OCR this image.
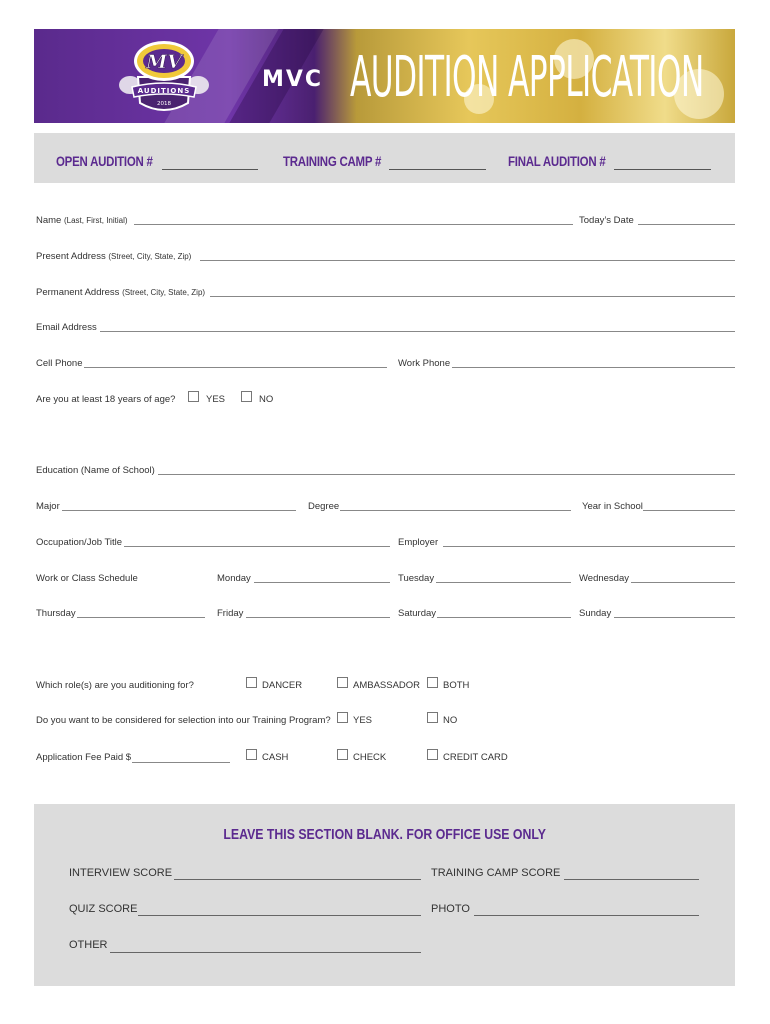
MV
AUDITIONS
2018
MVC AUDITION APPLICATION
OPEN AUDITION #	TRAINING CAMP #	FINAL AUDITION #
Name (Last, First, Initial)	Today’s Date
Present Address (Street, City, State, Zip)
Permanent Address (Street, City, State, Zip)
Email Address
Cell Phone	Work Phone
Are you at least 18 years of age?	YES	NO
Education (Name of School)
Major	Degree	Year in School
Occupation/Job Title	Employer
Work or Class Schedule	Monday	Tuesday	Wednesday
Thursday	Friday	Saturday	Sunday
Which role(s) are you auditioning for?	DANCER	AMBASSADOR BOTH
Do you want to be considered for selection into our Training Program? YES	NO
Application Fee Paid $	CASH	CHECK	CREDIT CARD
LEAVE THIS SECTION BLANK. FOR OFFICE USE ONLY
INTERVIEW SCORE	TRAINING CAMP SCORE
QUIZ SCORE	PHOTO
OTHER
